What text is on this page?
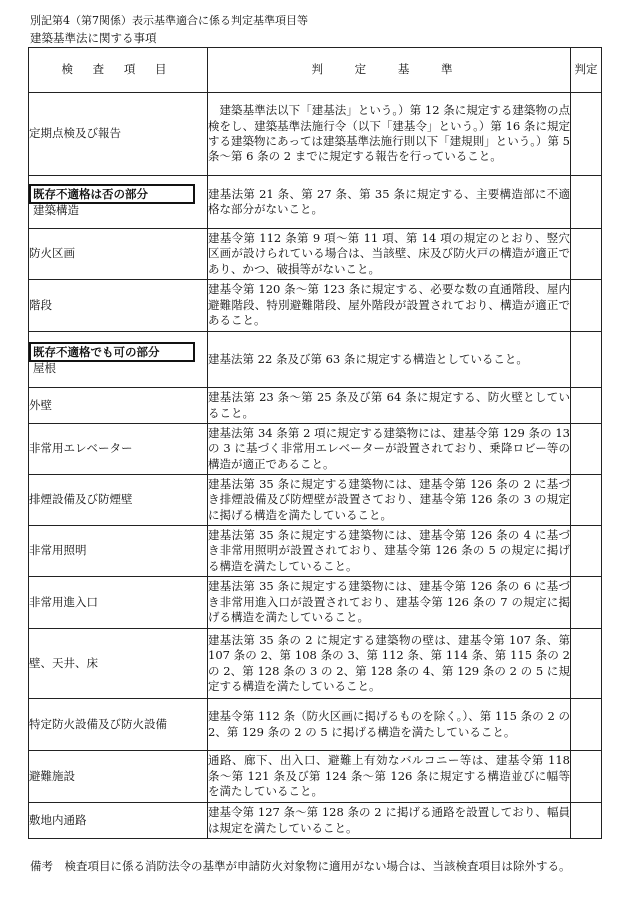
別記第4（第7関係）表示基準適合に係る判定基準項目等
建築基準法に関する事項
検 査 項 目	判 定 基 準	判定
定期点検及び報告	　建築基準法以下「建基法」という。）第 12 条に規定する建築物の点検をし、建築基準法施行令（以下「建基令」という。）第 16 条に規定する建築物にあっては建築基準法施行則以下「建規則」という。）第 5 条～第 6 条の 2 までに規定する報告を行っていること。	

既存不適格は否の部分
建築構造	建基法第 21 条、第 27 条、第 35 条に規定する、主要構造部に不適格な部分がないこと。	
防火区画	建基令第 112 条第 9 項～第 11 項、第 14 項の規定のとおり、竪穴区画が設けられている場合は、当該壁、床及び防火戸の構造が適正であり、かつ、破損等がないこと。	
階段	建基令第 120 条～第 123 条に規定する、必要な数の直通階段、屋内避難階段、特別避難階段、屋外階段が設置されており、構造が適正であること。	

既存不適格でも可の部分
屋根	建基法第 22 条及び第 63 条に規定する構造としていること。	
外壁	建基法第 23 条～第 25 条及び第 64 条に規定する、防火壁としていること。	
非常用エレベーター	建基法第 34 条第 2 項に規定する建築物には、建基令第 129 条の 13 の 3 に基づく非常用エレベーターが設置されており、乗降ロビー等の構造が適正であること。	
排煙設備及び防煙壁	建基法第 35 条に規定する建築物には、建基令第 126 条の 2 に基づき排煙設備及び防煙壁が設置さており、建基令第 126 条の 3 の規定に掲げる構造を満たしていること。	
非常用照明	建基法第 35 条に規定する建築物には、建基令第 126 条の 4 に基づき非常用照明が設置されており、建基令第 126 条の 5 の規定に掲げる構造を満たしていること。	
非常用進入口	建基法第 35 条に規定する建築物には、建基令第 126 条の 6 に基づき非常用進入口が設置されており、建基令第 126 条の 7 の規定に掲げる構造を満たしていること。	
壁、天井、床	建基法第 35 条の 2 に規定する建築物の壁は、建基令第 107 条、第 107 条の 2、第 108 条の 3、第 112 条、第 114 条、第 115 条の 2 の 2、第 128 条の 3 の 2、第 128 条の 4、第 129 条の 2 の 5 に規定する構造を満たしていること。	
特定防火設備及び防火設備	建基令第 112 条（防火区画に掲げるものを除く。）、第 115 条の 2 の 2、第 129 条の 2 の 5 に掲げる構造を満たしていること。	
避難施設	通路、廊下、出入口、避難上有効なバルコニー等は、建基令第 118 条～第 121 条及び第 124 条～第 126 条に規定する構造並びに幅等を満たしていること。	
敷地内通路	建基令第 127 条～第 128 条の 2 に掲げる通路を設置しており、幅員は規定を満たしていること。	
備考　検査項目に係る消防法令の基準が申請防火対象物に適用がない場合は、当該検査項目は除外する。
